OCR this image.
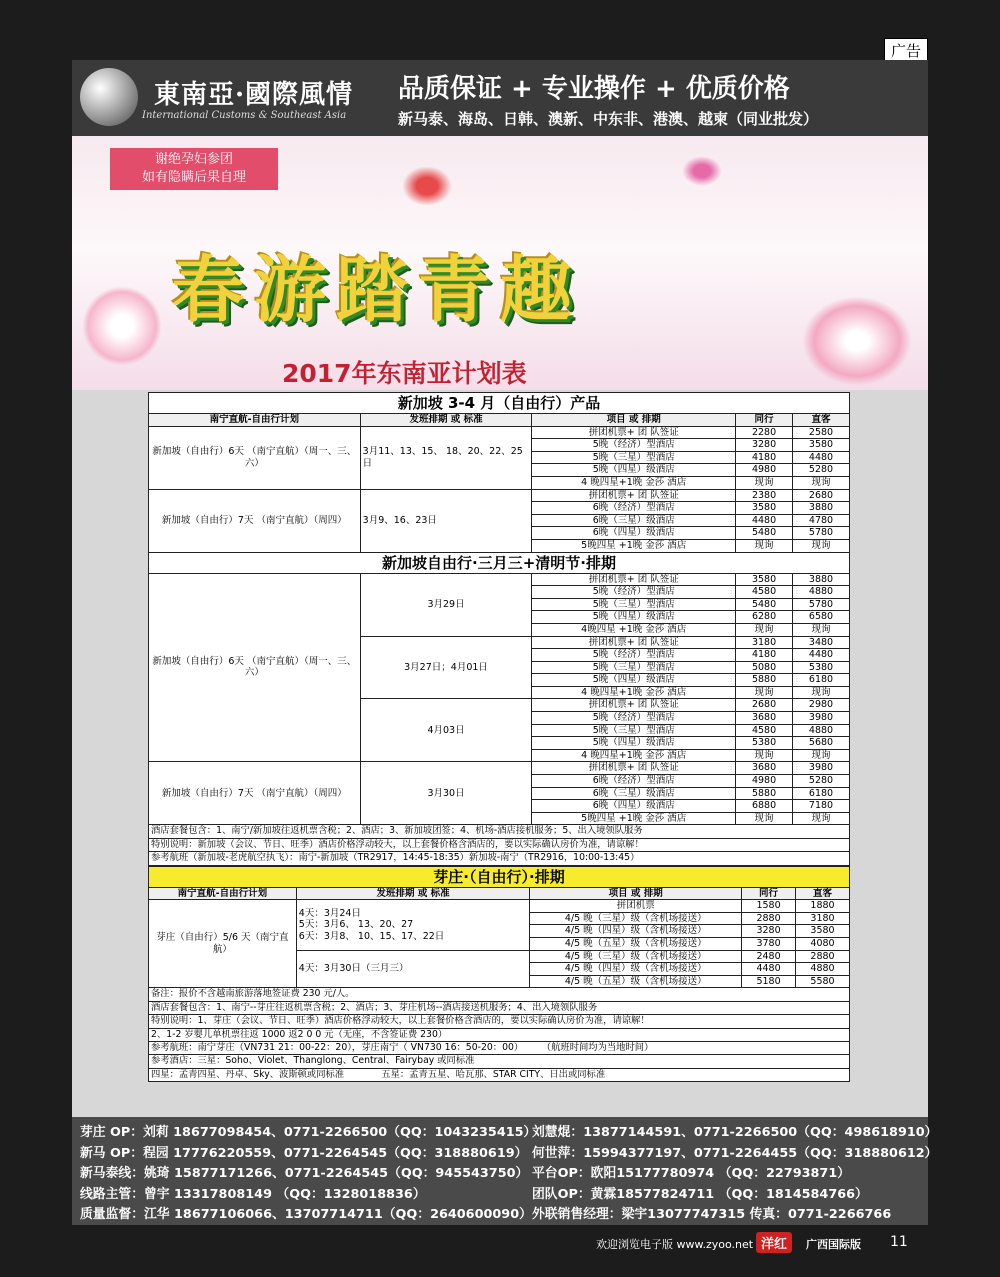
广告
東南亞·國際風情
International Customs & Southeast Asia
品质保证 + 专业操作 + 优质价格
新马泰、海岛、日韩、澳新、中东非、港澳、越柬（同业批发）
谢绝孕妇参团
如有隐瞒后果自理
春游踏青趣
2017年东南亚计划表
新加坡 3-4 月（自由行）产品				
南宁直航-自由行计划	发班排期 或 标准	项目 或 排期	同行	直客
新加坡（自由行）6天 （南宁直航）（周一、三、六）	3月11、13、15、 18、20、22、25日	拼团机票+ 团 队签证	2280	2580
		5晚（经济）型酒店	3280	3580
		5晚（三星）型酒店	4180	4480
		5晚（四星）级酒店	4980	5280
		4 晚四星+1晚 金莎 酒店	现询	现询
新加坡（自由行）7天 （南宁直航）（周四）	3月9、16、23日	拼团机票+ 团 队签证	2380	2680
		6晚（经济）型酒店	3580	3880
		6晚（三星）级酒店	4480	4780
		6晚（四星）级酒店	5480	5780
		5晚四星 +1晚 金莎 酒店	现询	现询
新加坡自由行·三月三+清明节·排期				
新加坡（自由行）6天 （南宁直航）（周一、三、六）	3月29日	拼团机票+ 团 队签证	3580	3880
		5晚（经济）型酒店	4580	4880
		5晚（三星）型酒店	5480	5780
		5晚（四星）级酒店	6280	6580
		4晚四星 +1晚 金莎 酒店	现询	现询
	3月27日；4月01日	拼团机票+ 团 队签证	3180	3480
		5晚（经济）型酒店	4180	4480
		5晚（三星）型酒店	5080	5380
		5晚（四星）级酒店	5880	6180
		4 晚四星+1晚 金莎 酒店	现询	现询
	4月03日	拼团机票+ 团 队签证	2680	2980
		5晚（经济）型酒店	3680	3980
		5晚（三星）型酒店	4580	4880
		5晚（四星）级酒店	5380	5680
		4 晚四星+1晚 金莎 酒店	现询	现询
新加坡（自由行）7天 （南宁直航）（周四）	3月30日	拼团机票+ 团 队签证	3680	3980
		6晚（经济）型酒店	4980	5280
		6晚（三星）级酒店	5880	6180
		6晚（四星）级酒店	6880	7180
		5晚四星 +1晚 金莎 酒店	现询	现询
酒店套餐包含：1、南宁/新加坡往返机票含税；2、酒店；3、新加坡团签；4、机场-酒店接机服务；5、出入境领队服务				
特别说明：新加坡（会议、节日、旺季）酒店价格浮动较大，以上套餐价格含酒店的，要以实际确认房价为准，请谅解！				
参考航班（新加坡-老虎航空执飞）：南宁-新加坡（TR2917，14:45-18:35）新加坡-南宁（TR2916，10:00-13:45）				
芽庄·（自由行）·排期				
南宁直航-自由行计划	发班排期 或 标准	项目 或 排期	同行	直客
芽庄（自由行）5/6 天（南宁直航）	4天：3月24日
5天：3月6、 13、20、27
6天：3月8、 10、15、17、22日	拼团机票	1580	1880
		4/5 晚（三星）级（含机场接送）	2880	3180
		4/5 晚（四星）级（含机场接送）	3280	3580
		4/5 晚（五星）级（含机场接送）	3780	4080
	4天：3月30日（三月三）	4/5 晚（三星）级（含机场接送）	2480	2880
		4/5 晚（四星）级（含机场接送）	4480	4880
		4/5 晚（五星）级（含机场接送）	5180	5580
备注：报价不含越南旅游落地签证费 230 元/人。				
酒店套餐包含：1、南宁--芽庄往返机票含税；2、酒店；3、芽庄机场--酒店接送机服务；4、出入境领队服务				
特别说明：1、芽庄（会议、节日、旺季）酒店价格浮动较大，以上套餐价格含酒店的，要以实际确认房价为准，请谅解！				
2、1-2 岁婴儿单机票往返 1000 返2 0 0 元（无座，不含签证费 230）				
参考航班：南宁芽庄（VN731 21：00-22：20），芽庄南宁（ VN730 16：50-20：00）　　　（航班时间均为当地时间）				
参考酒店：三星：Soho、Violet、Thanglong、Central、Fairybay 或同标准				
四星：孟青四星、丹卓、Sky、波斯顿或同标准　　　　五星：孟青五星、哈瓦那、STAR CITY、日出或同标准				
芽庄 OP：刘莉 18677098454、0771-2266500（QQ：1043235415）刘慧焜：13877144591、0771-2266500（QQ：498618910）
新马 OP：程园 17776220559、0771-2264545（QQ：318880619） 何世萍：15994377197、0771-2264455（QQ：318880612）
新马泰线：姚琦 15877171266、0771-2264545（QQ：945543750） 平台OP：欧阳15177780974 （QQ：22793871）
线路主管：曾宇 13317808149 （QQ：1328018836）	团队OP：黄霖18577824711 （QQ：1814584766）
质量监督：江华 18677106066、13707714711（QQ：2640600090）外联销售经理：梁宇13077747315 传真：0771-2266766
欢迎浏览电子版 www.zyoo.net 洋红	广西国际版 11
